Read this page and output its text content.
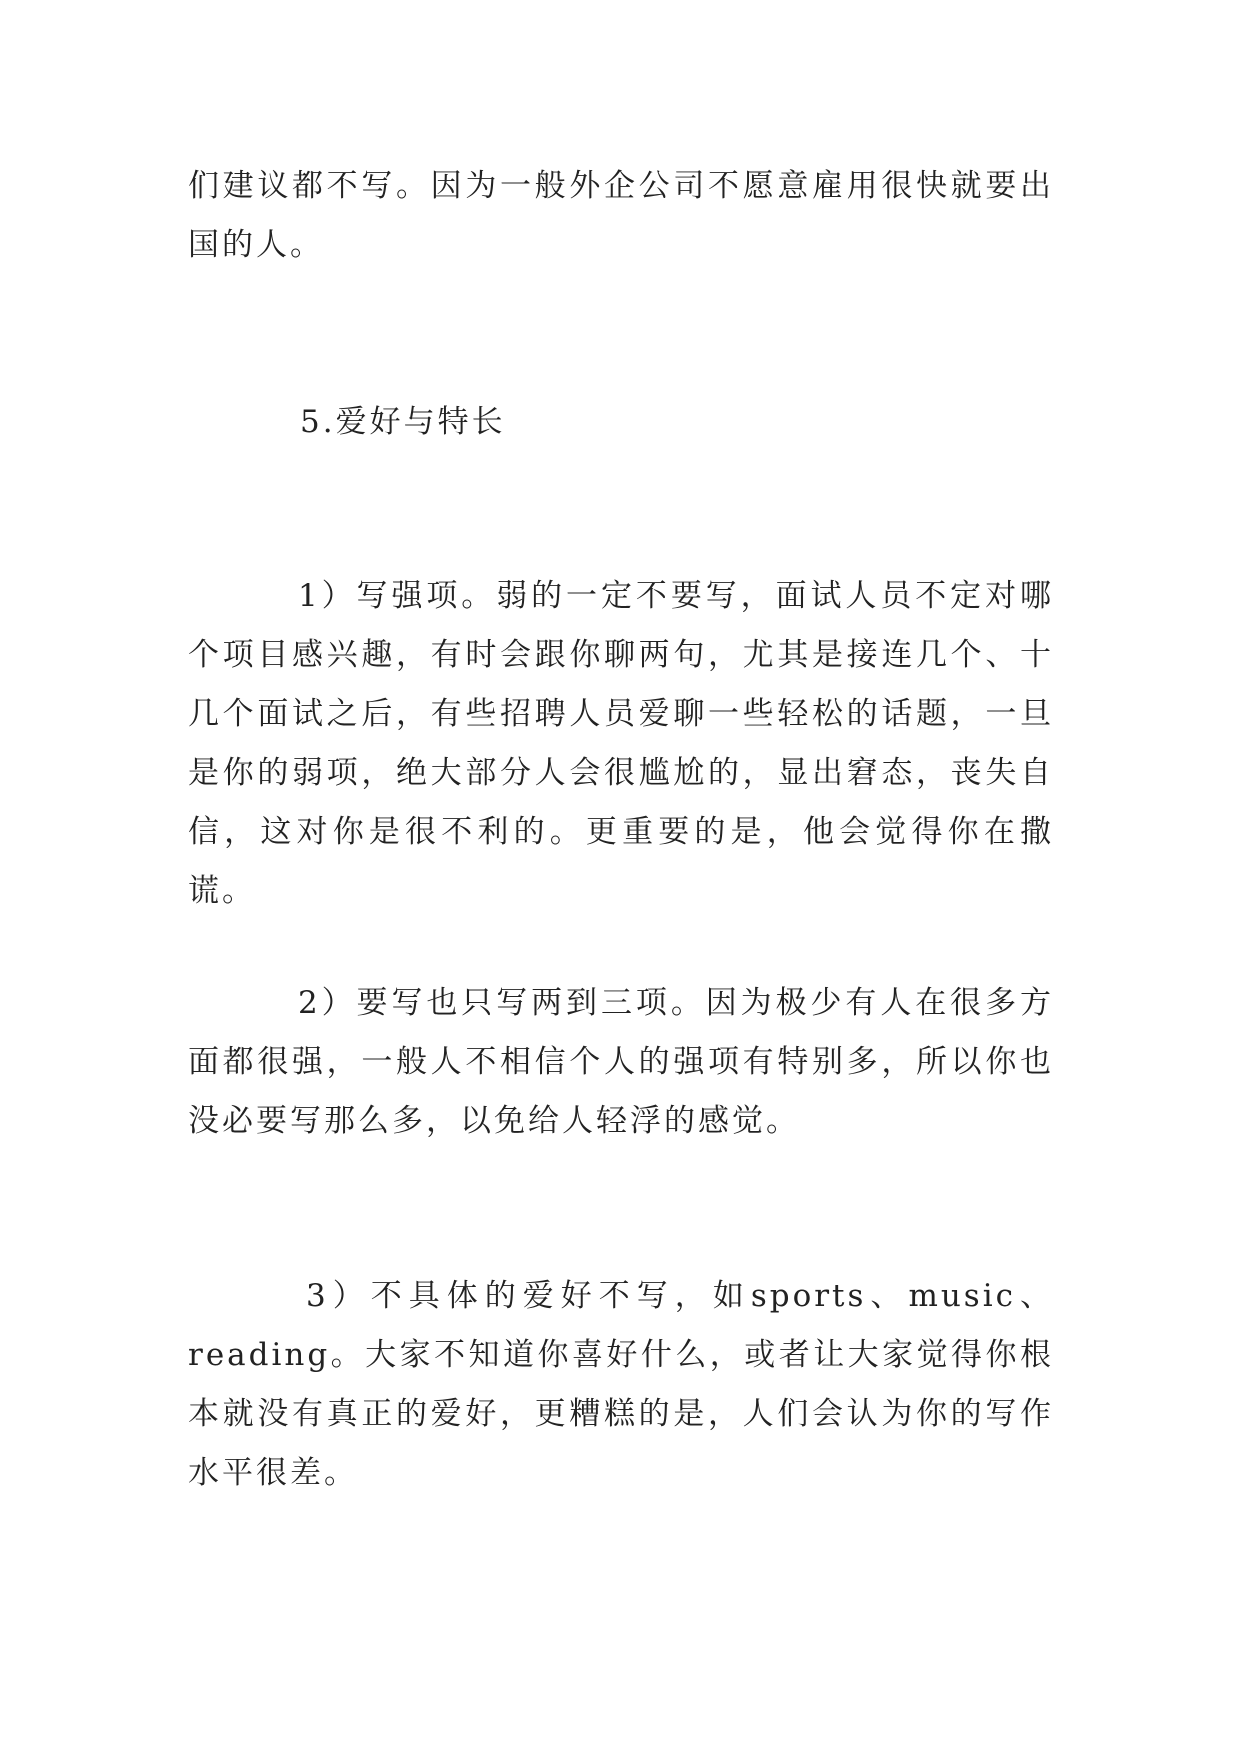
们建议都不写。因为一般外企公司不愿意雇用很快就要出国的人。

5.爱好与特长

1）写强项。弱的一定不要写，面试人员不定对哪个项目感兴趣，有时会跟你聊两句，尤其是接连几个、十几个面试之后，有些招聘人员爱聊一些轻松的话题，一旦是你的弱项，绝大部分人会很尴尬的，显出窘态，丧失自信，这对你是很不利的。更重要的是，他会觉得你在撒谎。

2）要写也只写两到三项。因为极少有人在很多方面都很强，一般人不相信个人的强项有特别多，所以你也没必要写那么多，以免给人轻浮的感觉。

3）不具体的爱好不写，如sports、music、reading。大家不知道你喜好什么，或者让大家觉得你根本就没有真正的爱好，更糟糕的是，人们会认为你的写作水平很差。
